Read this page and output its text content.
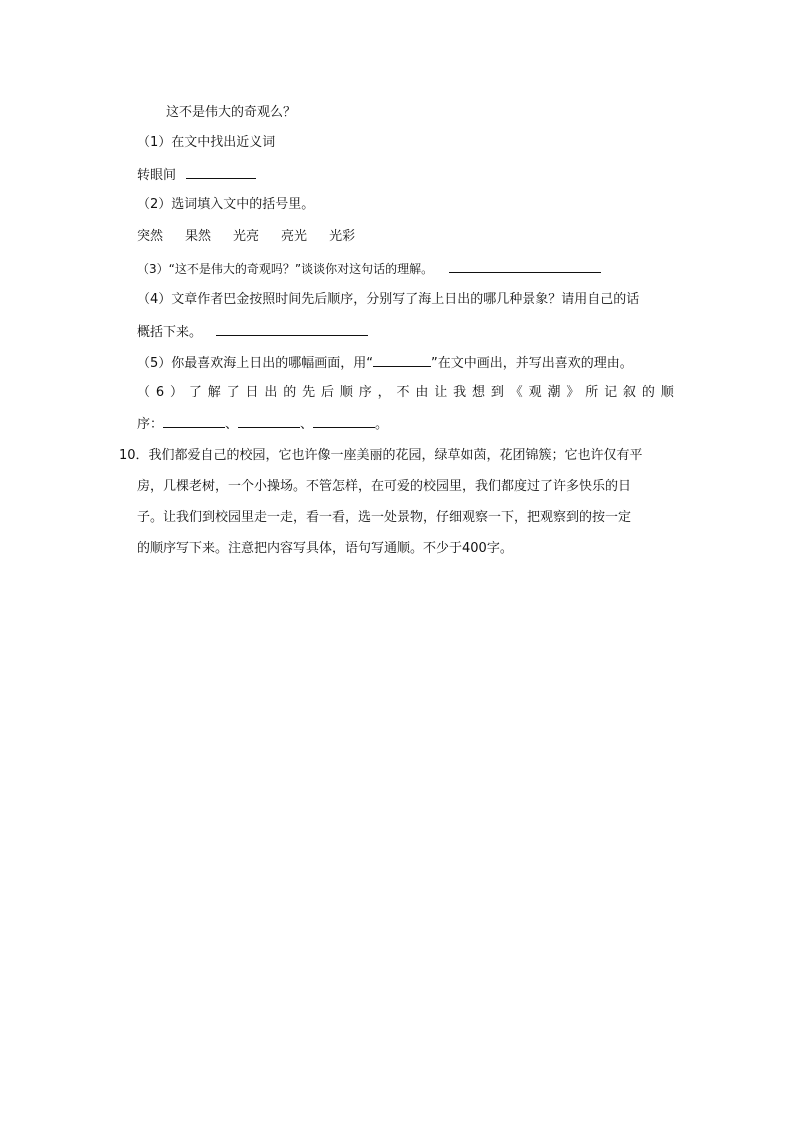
这不是伟大的奇观么？
（1）在文中找出近义词
转眼间
（2）选词填入文中的括号里。
突然 果然 光亮 亮光 光彩
（3）“这不是伟大的奇观吗？”谈谈你对这句话的理解。
（4）文章作者巴金按照时间先后顺序，分别写了海上日出的哪几种景象？请用自己的话
概括下来。
（5）你最喜欢海上日出的哪幅画面，用“	”在文中画出，并写出喜欢的理由。
（ 6 ） 了 解 了 日 出 的 先 后 顺 序 ， 不 由 让 我 想 到 《 观 潮 》 所 记 叙 的 顺
序：	、	、	。
10．我们都爱自己的校园，它也许像一座美丽的花园，绿草如茵，花团锦簇；它也许仅有平
房，几棵老树，一个小操场。不管怎样，在可爱的校园里，我们都度过了许多快乐的日
子。让我们到校园里走一走，看一看，选一处景物，仔细观察一下，把观察到的按一定
的顺序写下来。注意把内容写具体，语句写通顺。不少于400字。
